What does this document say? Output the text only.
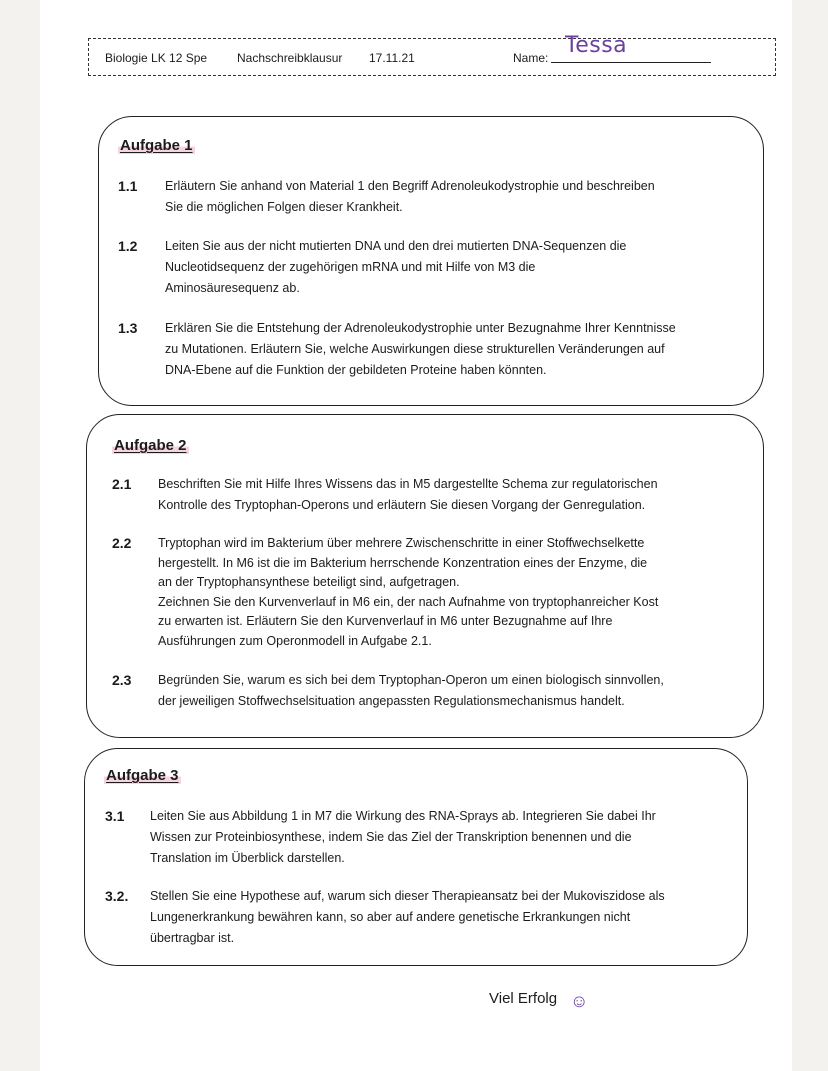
Biologie LK 12 Spe Nachschreibklausur 17.11.21	Name: Tessa
Aufgabe 1
1.1 Erläutern Sie anhand von Material 1 den Begriff Adrenoleukodystrophie und beschreiben
Sie die möglichen Folgen dieser Krankheit.
1.2 Leiten Sie aus der nicht mutierten DNA und den drei mutierten DNA-Sequenzen die
Nucleotidsequenz der zugehörigen mRNA und mit Hilfe von M3 die
Aminosäuresequenz ab.
1.3 Erklären Sie die Entstehung der Adrenoleukodystrophie unter Bezugnahme Ihrer Kenntnisse
zu Mutationen. Erläutern Sie, welche Auswirkungen diese strukturellen Veränderungen auf
DNA-Ebene auf die Funktion der gebildeten Proteine haben könnten.
Aufgabe 2
2.1 Beschriften Sie mit Hilfe Ihres Wissens das in M5 dargestellte Schema zur regulatorischen
Kontrolle des Tryptophan-Operons und erläutern Sie diesen Vorgang der Genregulation.
2.2 Tryptophan wird im Bakterium über mehrere Zwischenschritte in einer Stoffwechselkette
hergestellt. In M6 ist die im Bakterium herrschende Konzentration eines der Enzyme, die
an der Tryptophansynthese beteiligt sind, aufgetragen.
Zeichnen Sie den Kurvenverlauf in M6 ein, der nach Aufnahme von tryptophanreicher Kost
zu erwarten ist. Erläutern Sie den Kurvenverlauf in M6 unter Bezugnahme auf Ihre
Ausführungen zum Operonmodell in Aufgabe 2.1.
2.3 Begründen Sie, warum es sich bei dem Tryptophan-Operon um einen biologisch sinnvollen,
der jeweiligen Stoffwechselsituation angepassten Regulationsmechanismus handelt.
Aufgabe 3
3.1 Leiten Sie aus Abbildung 1 in M7 die Wirkung des RNA-Sprays ab. Integrieren Sie dabei Ihr
Wissen zur Proteinbiosynthese, indem Sie das Ziel der Transkription benennen und die
Translation im Überblick darstellen.
3.2. Stellen Sie eine Hypothese auf, warum sich dieser Therapieansatz bei der Mukoviszidose als
Lungenerkrankung bewähren kann, so aber auf andere genetische Erkrankungen nicht
übertragbar ist.
Viel Erfolg ☺
